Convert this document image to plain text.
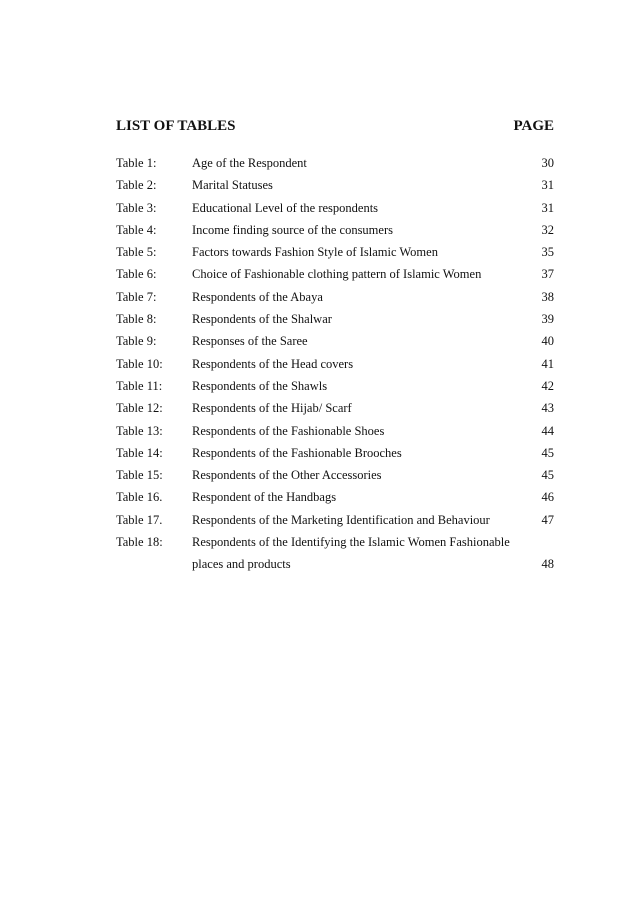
LIST OF TABLES	PAGE
Table 1:	Age of the Respondent	30
Table 2:	Marital Statuses	31
Table 3:	Educational Level of the respondents	31
Table 4:	Income finding source of the consumers	32
Table 5:	Factors towards Fashion Style of Islamic Women	35
Table 6:	Choice of Fashionable clothing pattern of Islamic Women	37
Table 7:	Respondents of the Abaya	38
Table 8:	Respondents of the Shalwar	39
Table 9:	Responses of the Saree	40
Table 10: Respondents of the Head covers	41
Table 11: Respondents of the Shawls	42
Table 12: Respondents of the Hijab/ Scarf	43
Table 13: Respondents of the Fashionable Shoes	44
Table 14: Respondents of the Fashionable Brooches	45
Table 15: Respondents of the Other Accessories	45
Table 16. Respondent of the Handbags	46
Table 17. Respondents of the Marketing Identification and Behaviour	47
Table 18: Respondents of the Identifying the Islamic Women Fashionable
places and products	48
